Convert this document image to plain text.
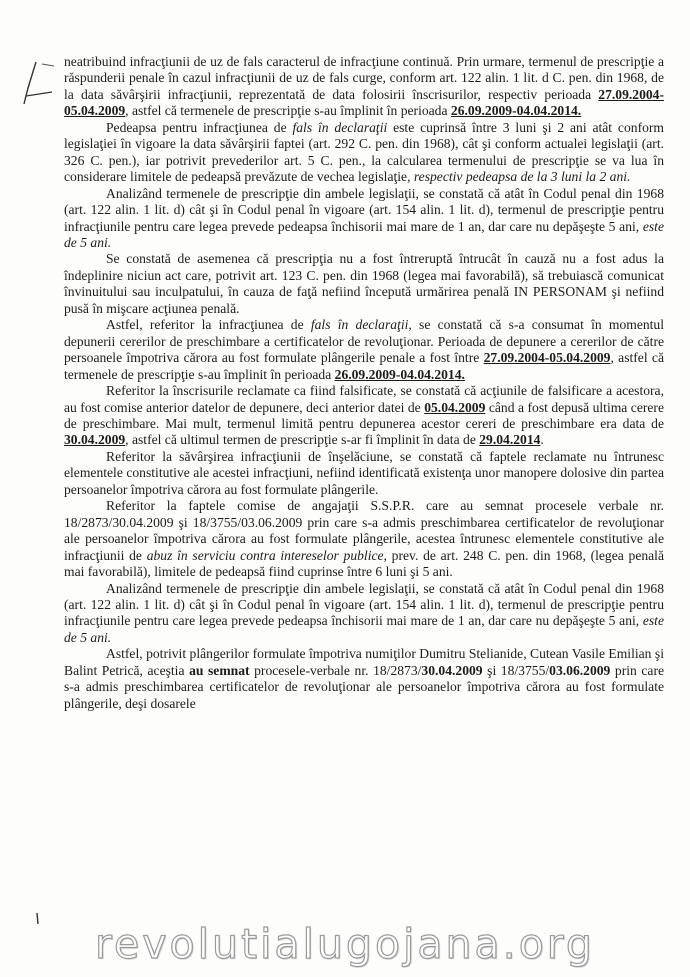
neatribuind infracţiunii de uz de fals caracterul de infracţiune continuă. Prin urmare, termenul de prescripţie a răspunderii penale în cazul infracţiunii de uz de fals curge, conform art. 122 alin. 1 lit. d C. pen. din 1968, de la data săvârşirii infracţiunii, reprezentată de data folosirii înscrisurilor, respectiv perioada 27.09.2004-05.04.2009, astfel că termenele de prescripţie s-au împlinit în perioada 26.09.2009-04.04.2014.

Pedeapsa pentru infracţiunea de fals în declaraţii este cuprinsă între 3 luni şi 2 ani atât conform legislaţiei în vigoare la data săvârşirii faptei (art. 292 C. pen. din 1968), cât şi conform actualei legislaţii (art. 326 C. pen.), iar potrivit prevederilor art. 5 C. pen., la calcularea termenului de prescripţie se va lua în considerare limitele de pedeapsă prevăzute de vechea legislaţie, respectiv pedeapsa de la 3 luni la 2 ani.

Analizând termenele de prescripţie din ambele legislaţii, se constată că atât în Codul penal din 1968 (art. 122 alin. 1 lit. d) cât şi în Codul penal în vigoare (art. 154 alin. 1 lit. d), termenul de prescripţie pentru infracţiunile pentru care legea prevede pedeapsa închisorii mai mare de 1 an, dar care nu depăşeşte 5 ani, este de 5 ani.

Se constată de asemenea că prescripţia nu a fost întreruptă întrucât în cauză nu a fost adus la îndeplinire niciun act care, potrivit art. 123 C. pen. din 1968 (legea mai favorabilă), să trebuiască comunicat învinuitului sau inculpatului, în cauza de faţă nefiind începută urmărirea penală IN PERSONAM şi nefiind pusă în mişcare acţiunea penală.

Astfel, referitor la infracţiunea de fals în declaraţii, se constată că s-a consumat în momentul depunerii cererilor de preschimbare a certificatelor de revoluţionar. Perioada de depunere a cererilor de către persoanele împotriva cărora au fost formulate plângerile penale a fost între 27.09.2004-05.04.2009, astfel că termenele de prescripţie s-au împlinit în perioada 26.09.2009-04.04.2014.

Referitor la înscrisurile reclamate ca fiind falsificate, se constată că acţiunile de falsificare a acestora, au fost comise anterior datelor de depunere, deci anterior datei de 05.04.2009 când a fost depusă ultima cerere de preschimbare. Mai mult, termenul limită pentru depunerea acestor cereri de preschimbare era data de 30.04.2009, astfel că ultimul termen de prescripţie s-ar fi împlinit în data de 29.04.2014.

Referitor la săvârşirea infracţiunii de înşelăciune, se constată că faptele reclamate nu întrunesc elementele constitutive ale acestei infracţiuni, nefiind identificată existenţa unor manopere dolosive din partea persoanelor împotriva cărora au fost formulate plângerile.

Referitor la faptele comise de angajaţii S.S.P.R. care au semnat procesele verbale nr. 18/2873/30.04.2009 şi 18/3755/03.06.2009 prin care s-a admis preschimbarea certificatelor de revoluţionar ale persoanelor împotriva cărora au fost formulate plângerile, acestea întrunesc elementele constitutive ale infracţiunii de abuz în serviciu contra intereselor publice, prev. de art. 248 C. pen. din 1968, (legea penală mai favorabilă), limitele de pedeapsă fiind cuprinse între 6 luni şi 5 ani.

Analizând termenele de prescripţie din ambele legislaţii, se constată că atât în Codul penal din 1968 (art. 122 alin. 1 lit. d) cât şi în Codul penal în vigoare (art. 154 alin. 1 lit. d), termenul de prescripţie pentru infracţiunile pentru care legea prevede pedeapsa închisorii mai mare de 1 an, dar care nu depăşeşte 5 ani, este de 5 ani.

Astfel, potrivit plângerilor formulate împotriva numiţilor Dumitru Stelianide, Cutean Vasile Emilian şi Balint Petrică, aceştia au semnat procesele-verbale nr. 18/2873/30.04.2009 şi 18/3755/03.06.2009 prin care s-a admis preschimbarea certificatelor de revoluţionar ale persoanelor împotriva cărora au fost formulate plângerile, deşi dosarele

revolutialugojana.org
